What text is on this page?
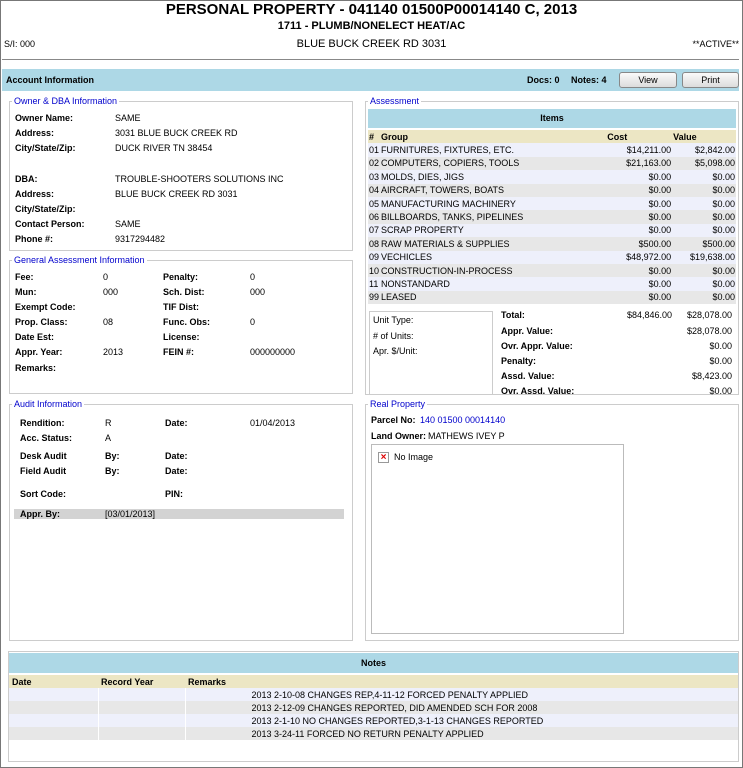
PERSONAL PROPERTY - 041140 01500P00014140 C, 2013
1711 - PLUMB/NONELECT HEAT/AC
BLUE BUCK CREEK RD 3031
S/I: 000	**ACTIVE**
Account Information	Docs: 0 Notes: 4	View	Print
Owner & DBA Information
Owner Name:	SAME
Address:	3031 BLUE BUCK CREEK RD
City/State/Zip:	DUCK RIVER TN 38454
DBA:	TROUBLE-SHOOTERS SOLUTIONS INC
Address:	BLUE BUCK CREEK RD 3031
City/State/Zip:
Contact Person:	SAME
Phone #:	9317294482
General Assessment Information
Fee:	0	Penalty:	0
Mun:	000	Sch. Dist:	000
Exempt Code:	TIF Dist:
Prop. Class:	08	Func. Obs:	0
Date Est:	License:
Appr. Year:	2013	FEIN #:	000000000
Remarks:
Audit Information
Rendition:	R	Date:	01/04/2013
Acc. Status:	A
Desk Audit	By:	Date:
Field Audit	By:	Date:
Sort Code:	PIN:
Appr. By:	[03/01/2013]
Assessment
Items
#	Group	Cost	Value
01	FURNITURES, FIXTURES, ETC.	$14,211.00	$2,842.00
02	COMPUTERS, COPIERS, TOOLS	$21,163.00	$5,098.00
03	MOLDS, DIES, JIGS	$0.00	$0.00
04	AIRCRAFT, TOWERS, BOATS	$0.00	$0.00
05	MANUFACTURING MACHINERY	$0.00	$0.00
06	BILLBOARDS, TANKS, PIPELINES	$0.00	$0.00
07	SCRAP PROPERTY	$0.00	$0.00
08	RAW MATERIALS & SUPPLIES	$500.00	$500.00
09	VECHICLES	$48,972.00	$19,638.00
10	CONSTRUCTION-IN-PROCESS	$0.00	$0.00
11	NONSTANDARD	$0.00	$0.00
99	LEASED	$0.00	$0.00
Unit Type:
# of Units:
Apr. $/Unit:
Total:	$84,846.00	$28,078.00
Appr. Value:	$28,078.00
Ovr. Appr. Value:	$0.00
Penalty:	$0.00
Assd. Value:	$8,423.00
Ovr. Assd. Value:	$0.00
Real Property
Parcel No: 140 01500 00014140
Land Owner: MATHEWS IVEY P
× No Image
Notes
Date	Record Year	Remarks
		2013 2-10-08 CHANGES REP,4-11-12 FORCED PENALTY APPLIED
		2013 2-12-09 CHANGES REPORTED, DID AMENDED SCH FOR 2008
		2013 2-1-10 NO CHANGES REPORTED,3-1-13 CHANGES REPORTED
		2013 3-24-11 FORCED NO RETURN PENALTY APPLIED
